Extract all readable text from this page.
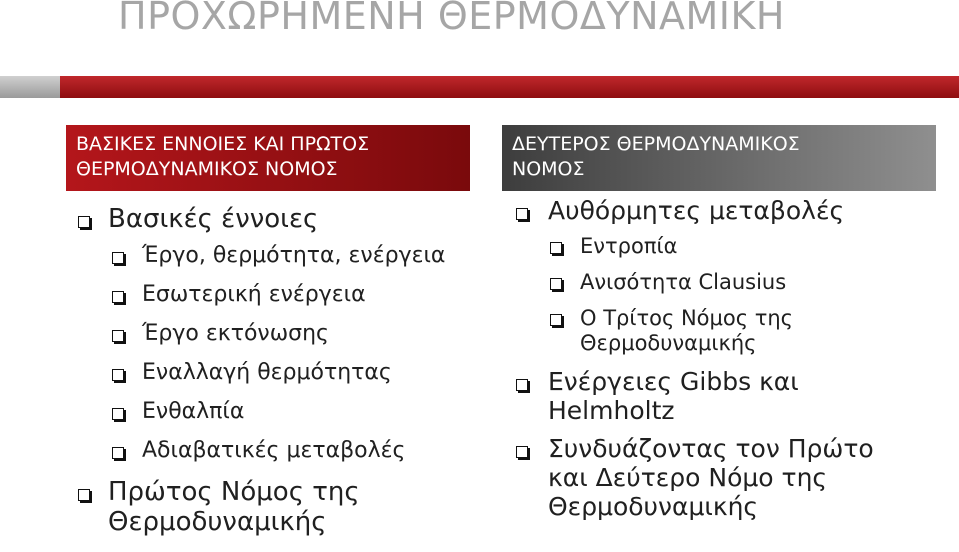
ΠΡΟΧΩΡΗΜΕΝΗ ΘΕΡΜΟΔΥΝΑΜΙΚΗ
ΒΑΣΙΚΕΣ ΕΝΝΟΙΕΣ ΚΑΙ ΠΡΩΤΟΣ
ΘΕΡΜΟΔΥΝΑΜΙΚΟΣ ΝΟΜΟΣ
ΔΕΥΤΕΡΟΣ ΘΕΡΜΟΔΥΝΑΜΙΚΟΣ
ΝΟΜΟΣ
Βασικές έννοιες
Έργο, θερμότητα, ενέργεια
Εσωτερική ενέργεια
Έργο εκτόνωσης
Εναλλαγή θερμότητας
Ενθαλπία
Αδιαβατικές μεταβολές
Πρώτος Νόμος της Θερμοδυναμικής
Αυθόρμητες μεταβολές
Εντροπία
Ανισότητα Clausius
Ο Τρίτος Νόμος της Θερμοδυναμικής
Ενέργειες Gibbs και Helmholtz
Συνδυάζοντας τον Πρώτο και Δεύτερο Νόμο της Θερμοδυναμικής
